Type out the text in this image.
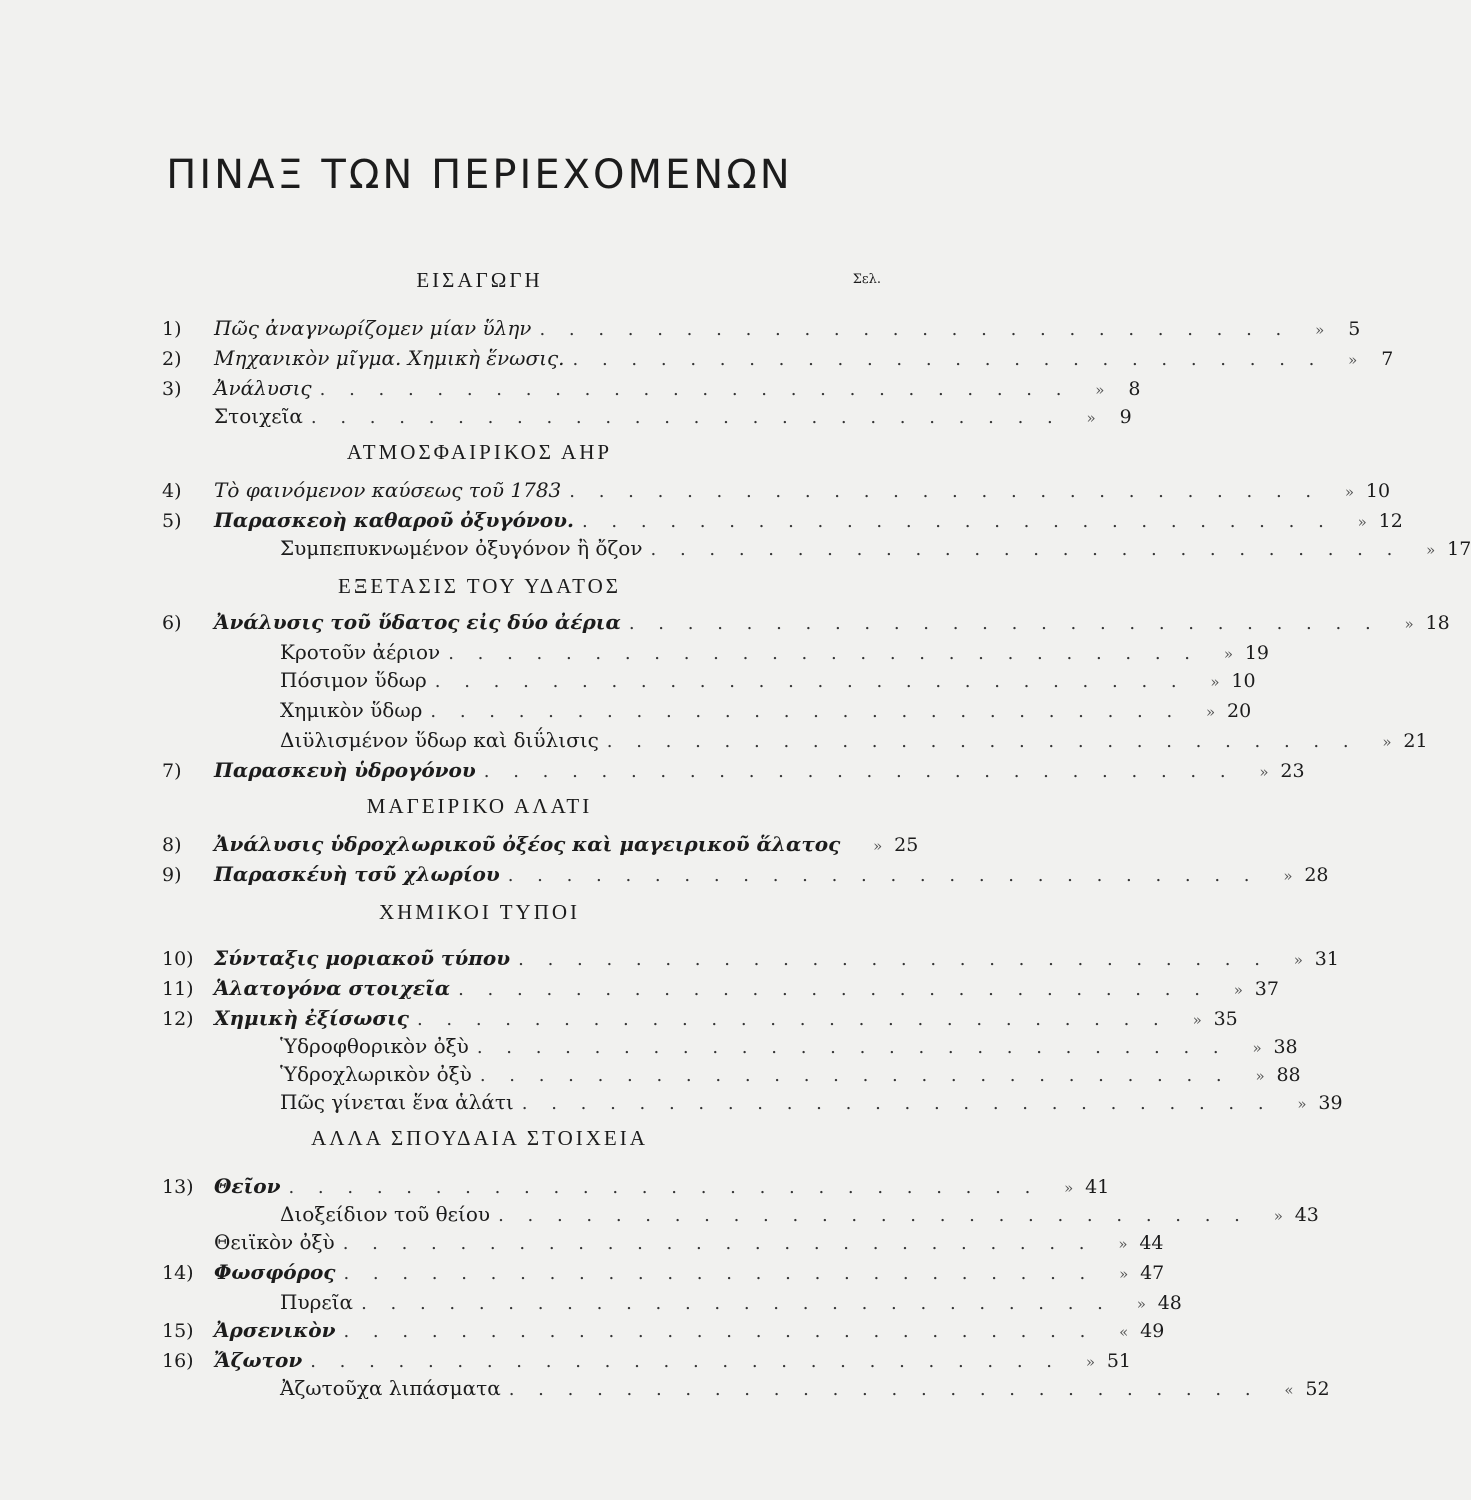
ΠΙΝΑΞ ΤΩΝ ΠΕΡΙΕΧΟΜΕΝΩΝ
Σελ.
ΕΙΣΑΓΩΓΗ
1)	Πῶς ἀναγνωρίζομεν μίαν ὕλην . . . . . . . . . . . . . . . . . . . . . . . . . .	»	5
2)	Μηχανικὸν μῖγμα. Χημικὴ ἕνωσις. . . . . . . . . . . . . . . . . . . . . . . . . . .	»	7
3)	Ἀνάλυσις . . . . . . . . . . . . . . . . . . . . . . . . . .	»	8
Στοιχεῖα . . . . . . . . . . . . . . . . . . . . . . . . . .	»	9
ΑΤΜΟΣΦΑΙΡΙΚΟΣ ΑΗΡ
4)	Τὸ φαινόμενον καύσεως τοῦ 1783 . . . . . . . . . . . . . . . . . . . . . . . . . .	» 10
5)	Παρασκεοὴ καθαροῦ ὀξυγόνου. . . . . . . . . . . . . . . . . . . . . . . . . . .	» 12
Συμπεπυκνωμένον ὀξυγόνον ἢ ὄζον . . . . . . . . . . . . . . . . . . . . . . . . . .	» 17
ΕΞΕΤΑΣΙΣ ΤΟΥ ΥΔΑΤΟΣ
6)	Ἀνάλυσις τοῦ ὕδατος εἰς δύο ἀέρια . . . . . . . . . . . . . . . . . . . . . . . . . .	» 18
Κροτοῦν ἀέριον . . . . . . . . . . . . . . . . . . . . . . . . . .	» 19
Πόσιμον ὕδωρ . . . . . . . . . . . . . . . . . . . . . . . . . .	» 10
Χημικὸν ὕδωρ . . . . . . . . . . . . . . . . . . . . . . . . . .	» 20
Διϋλισμένον ὕδωρ καὶ διΰλισις . . . . . . . . . . . . . . . . . . . . . . . . . .	» 21
7)	Παρασκευὴ ὑδρογόνου . . . . . . . . . . . . . . . . . . . . . . . . . .	» 23
ΜΑΓΕΙΡΙΚΟ ΑΛΑΤΙ
8)	Ἀνάλυσις ὑδροχλωρικοῦ ὀξέος καὶ μαγειρικοῦ ἅλατος	» 25
9)	Παρασκέυὴ τσῦ χλωρίου . . . . . . . . . . . . . . . . . . . . . . . . . .	» 28
ΧΗΜΙΚΟΙ ΤΥΠΟΙ
10)	Σύνταξις μοριακοῦ τύπου . . . . . . . . . . . . . . . . . . . . . . . . . .	» 31
11)	Ἁλατογόνα στοιχεῖα . . . . . . . . . . . . . . . . . . . . . . . . . .	» 37
12)	Χημικὴ ἐξίσωσις . . . . . . . . . . . . . . . . . . . . . . . . . .	» 35
Ὑδροφθορικὸν ὀξὺ . . . . . . . . . . . . . . . . . . . . . . . . . .	» 38
Ὑδροχλωρικὸν ὀξὺ . . . . . . . . . . . . . . . . . . . . . . . . . .	» 88
Πῶς γίνεται ἕνα ἁλάτι . . . . . . . . . . . . . . . . . . . . . . . . . .	» 39
ΑΛΛΑ ΣΠΟΥΔΑΙΑ ΣΤΟΙΧΕΙΑ
13)	Θεῖον . . . . . . . . . . . . . . . . . . . . . . . . . .	» 41
Διοξείδιον τοῦ θείου . . . . . . . . . . . . . . . . . . . . . . . . . .	» 43
Θειϊκὸν ὀξὺ . . . . . . . . . . . . . . . . . . . . . . . . . .	» 44
14)	Φωσφόρος . . . . . . . . . . . . . . . . . . . . . . . . . .	» 47
Πυρεῖα . . . . . . . . . . . . . . . . . . . . . . . . . .	» 48
15)	Ἀρσενικὸν . . . . . . . . . . . . . . . . . . . . . . . . . .	« 49
16)	Ἄζωτον . . . . . . . . . . . . . . . . . . . . . . . . . .	» 51
Ἀζωτοῦχα λιπάσματα . . . . . . . . . . . . . . . . . . . . . . . . . .	« 52
